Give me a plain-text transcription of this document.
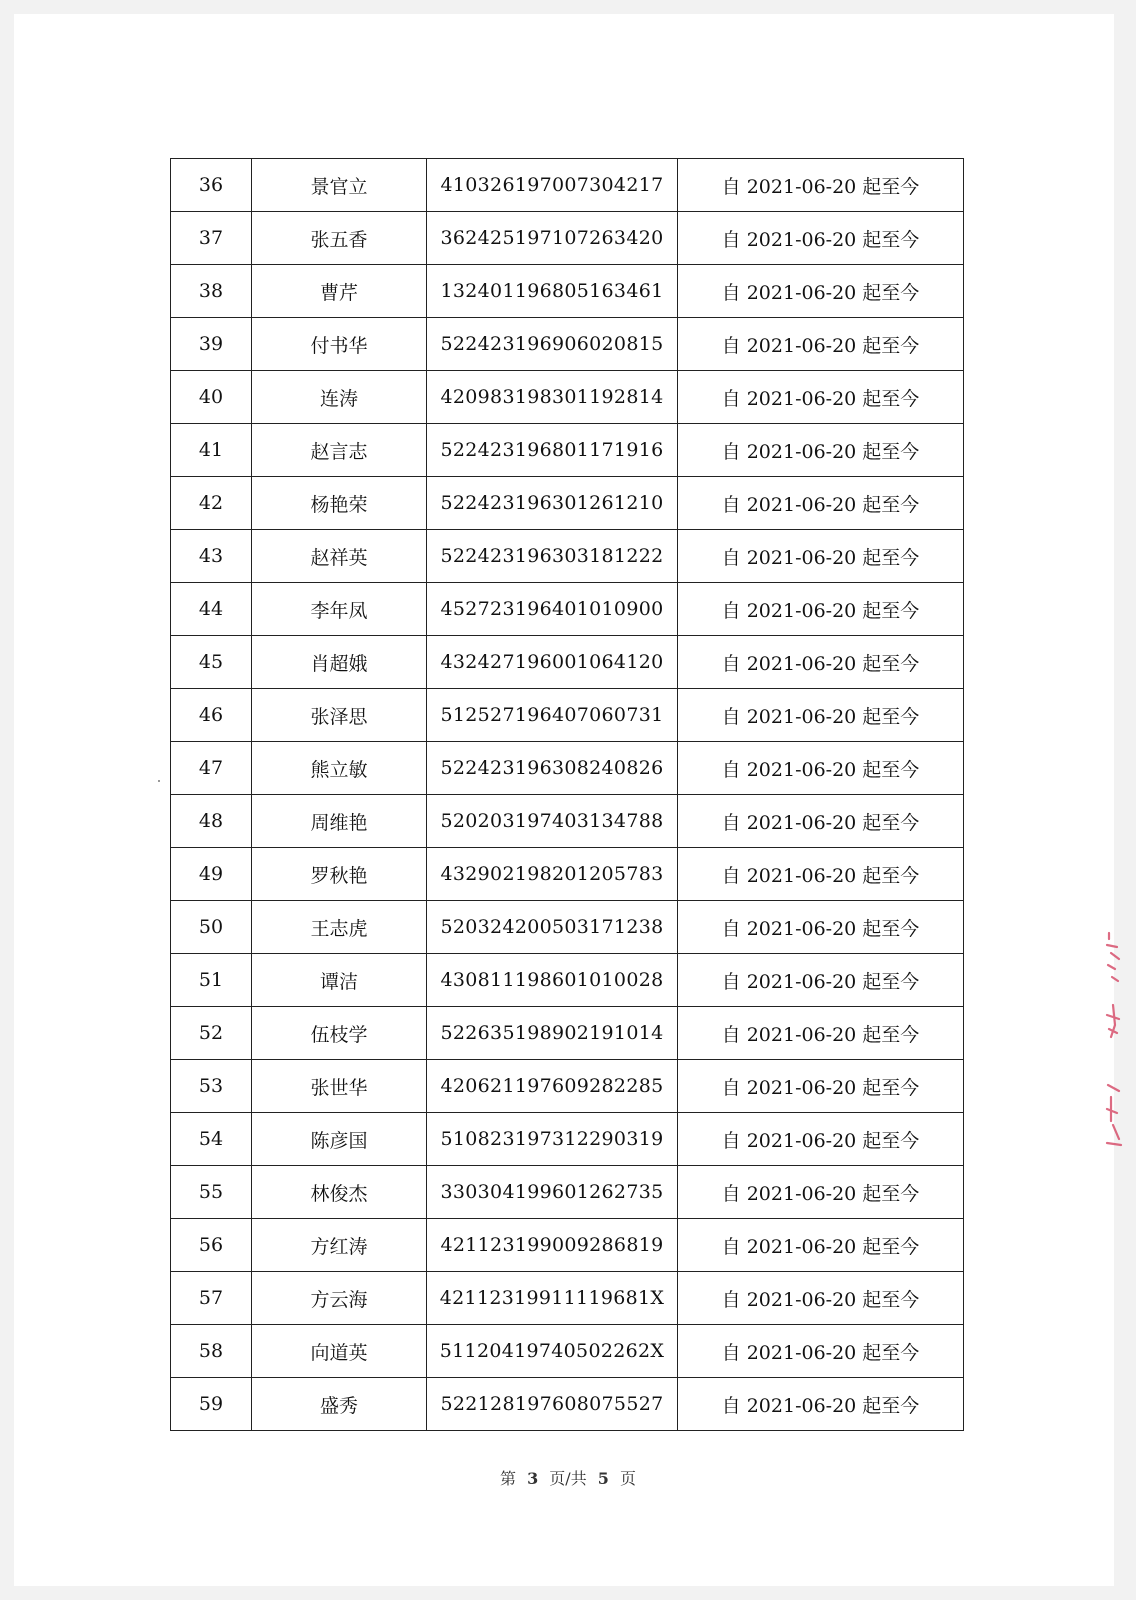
36	景官立	410326197007304217	自 2021-06-20 起至今
37	张五香	362425197107263420	自 2021-06-20 起至今
38	曹芹	132401196805163461	自 2021-06-20 起至今
39	付书华	522423196906020815	自 2021-06-20 起至今
40	连涛	420983198301192814	自 2021-06-20 起至今
41	赵言志	522423196801171916	自 2021-06-20 起至今
42	杨艳荣	522423196301261210	自 2021-06-20 起至今
43	赵祥英	522423196303181222	自 2021-06-20 起至今
44	李年凤	452723196401010900	自 2021-06-20 起至今
45	肖超娥	432427196001064120	自 2021-06-20 起至今
46	张泽思	512527196407060731	自 2021-06-20 起至今
47	熊立敏	522423196308240826	自 2021-06-20 起至今
48	周维艳	520203197403134788	自 2021-06-20 起至今
49	罗秋艳	432902198201205783	自 2021-06-20 起至今
50	王志虎	520324200503171238	自 2021-06-20 起至今
51	谭洁	430811198601010028	自 2021-06-20 起至今
52	伍枝学	522635198902191014	自 2021-06-20 起至今
53	张世华	420621197609282285	自 2021-06-20 起至今
54	陈彦国	510823197312290319	自 2021-06-20 起至今
55	林俊杰	330304199601262735	自 2021-06-20 起至今
56	方红涛	421123199009286819	自 2021-06-20 起至今
57	方云海	42112319911119681X	自 2021-06-20 起至今
58	向道英	51120419740502262X	自 2021-06-20 起至今
59	盛秀	522128197608075527	自 2021-06-20 起至今
第 3 页/共 5 页
